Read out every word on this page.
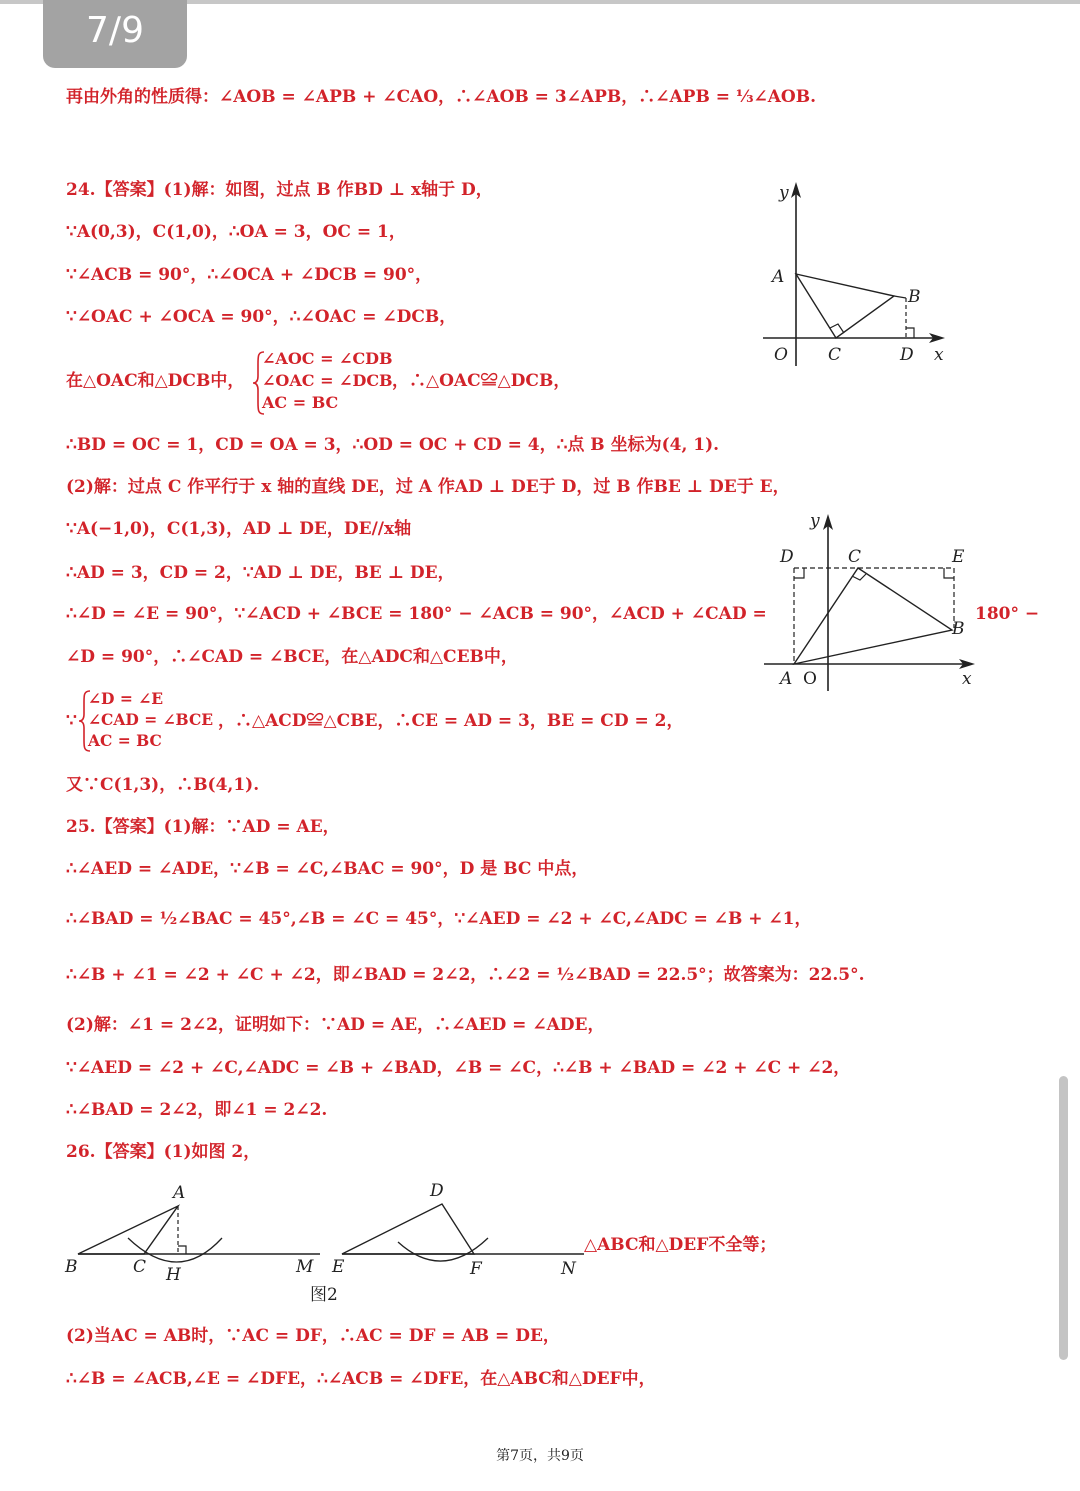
7/9

再由外角的性质得：∠AOB = ∠APB + ∠CAO，∴∠AOB = 3∠APB，∴∠APB = ⅓∠AOB.

24.【答案】(1)解：如图，过点 B 作BD ⊥ x轴于 D，

∵A(0,3)，C(1,0)，∴OA = 3，OC = 1，

∵∠ACB = 90°，∴∠OCA + ∠DCB = 90°，

∵∠OAC + ∠OCA = 90°，∴∠OAC = ∠DCB，

在△OAC和△DCB中，

∠AOC = ∠CDB
∠OAC = ∠DCB
AC = BC

，∴△OAC≌△DCB，

∴BD = OC = 1，CD = OA = 3，∴OD = OC + CD = 4，∴点 B 坐标为(4, 1).

(2)解：过点 C 作平行于 x 轴的直线 DE，过 A 作AD ⊥ DE于 D，过 B 作BE ⊥ DE于 E，

∵A(−1,0)，C(1,3)，AD ⊥ DE，DE//x轴

∴AD = 3，CD = 2，∵AD ⊥ DE，BE ⊥ DE，

∴∠D = ∠E = 90°，∵∠ACD + ∠BCE = 180° − ∠ACB = 90°，∠ACD + ∠CAD =	180° −

∠D = 90°，∴∠CAD = ∠BCE，在△ADC和△CEB中，

∵

∠D = ∠E
∠CAD = ∠BCE
AC = BC

，∴△ACD≌△CBE，∴CE = AD = 3，BE = CD = 2，

又∵C(1,3)，∴B(4,1).

25.【答案】(1)解：∵AD = AE，

∴∠AED = ∠ADE，∵∠B = ∠C,∠BAC = 90°，D 是 BC 中点，

∴∠BAD = ½∠BAC = 45°,∠B = ∠C = 45°，∵∠AED = ∠2 + ∠C,∠ADC = ∠B + ∠1，

∴∠B + ∠1 = ∠2 + ∠C + ∠2，即∠BAD = 2∠2，∴∠2 = ½∠BAD = 22.5°；故答案为：22.5°.

(2)解：∠1 = 2∠2，证明如下：∵AD = AE，∴∠AED = ∠ADE，

∵∠AED = ∠2 + ∠C,∠ADC = ∠B + ∠BAD，∠B = ∠C，∴∠B + ∠BAD = ∠2 + ∠C + ∠2，

∴∠BAD = 2∠2，即∠1 = 2∠2.

26.【答案】(1)如图 2，

△ABC和△DEF不全等；

(2)当AC = AB时，∵AC = DF，∴AC = DF = AB = DE，

∴∠B = ∠ACB,∠E = ∠DFE，∴∠ACB = ∠DFE，在△ABC和△DEF中，

y
x
A
B
O C	D
y
x
A O
B
C
D	E
A
B	C H	M
D
E	F	N
图2
第7页，共9页
